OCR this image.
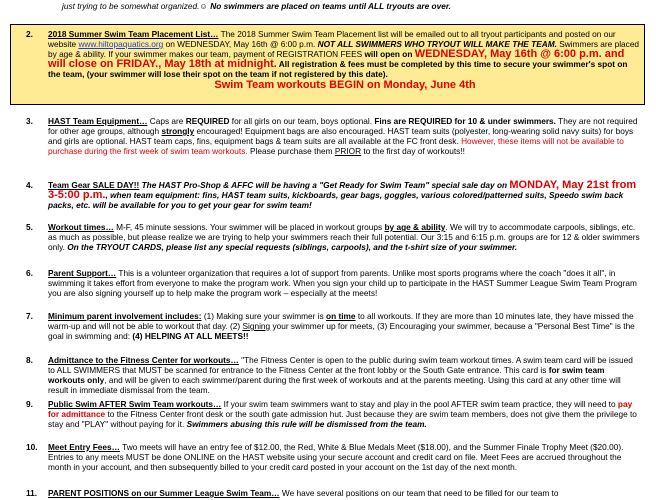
just trying to be somewhat organized.☺ No swimmers are placed on teams until ALL tryouts are over.
2. 2018 Summer Swim Team Placement List… The 2018 Summer Swim Team Placement list will be emailed out to all tryout participants and posted on our website www.hiltopaquatics.org on WEDNESDAY, May 16th @ 6:00 p.m. NOT ALL SWIMMERS WHO TRYOUT WILL MAKE THE TEAM. Swimmers are placed by age & ability. If your swimmer makes our team, payment of REGISTRATION FEES will open on WEDNESDAY, May 16th @ 6:00 p.m. and will close on FRIDAY., May 18th at midnight. All registration & fees must be completed by this time to secure your swimmer's spot on the team, (your swimmer will lose their spot on the team if not registered by this date).
Swim Team workouts BEGIN on Monday, June 4th
3. HAST Team Equipment… Caps are REQUIRED for all girls on our team, boys optional. Fins are REQUIRED for 10 & under swimmers. They are not required for other age groups, although strongly encouraged! Equipment bags are also encouraged. HAST team suits (polyester, long-wearing solid navy suits) for boys and girls are optional. HAST team caps, fins, equipment bags & team suits are all available at the FC front desk. However, these items will not be available to purchase during the first week of swim team workouts. Please purchase them PRIOR to the first day of workouts!!
4. Team Gear SALE DAY!! The HAST Pro-Shop & AFFC will be having a "Get Ready for Swim Team" special sale day on MONDAY, May 21st from 3-5:00 p.m., when team equipment: fins, HAST team suits, kickboards, gear bags, goggles, various colored/patterned suits, Speedo swim back packs, etc. will be available for you to get your gear for swim team!
5. Workout times… M-F, 45 minute sessions. Your swimmer will be placed in workout groups by age & ability. We will try to accommodate carpools, siblings, etc. as much as possible, but please realize we are trying to help your swimmers reach their full potential. Our 3:15 and 6:15 p.m. groups are for 12 & older swimmers only. On the TRYOUT CARDS, please list any special requests (siblings, carpools), and the t-shirt size of your swimmer.
6. Parent Support… This is a volunteer organization that requires a lot of support from parents. Unlike most sports programs where the coach "does it all", in swimming it takes effort from everyone to make the program work. When you sign your child up to participate in the HAST Summer League Swim Team Program you are also signing yourself up to help make the program work – especially at the meets!
7. Minimum parent involvement includes: (1) Making sure your swimmer is on time to all workouts. If they are more than 10 minutes late, they have missed the warm-up and will not be able to workout that day. (2) Signing your swimmer up for meets, (3) Encouraging your swimmer, because a "Personal Best Time" is the goal in swimming and: (4) HELPING AT ALL MEETS!!
8. Admittance to the Fitness Center for workouts… "The Fitness Center is open to the public during swim team workout times. A swim team card will be issued to ALL SWIMMERS that MUST be scanned for entrance to the Fitness Center at the front lobby or the South Gate entrance. This card is for swim team workouts only, and will be given to each swimmer/parent during the first week of workouts and at the parents meeting. Using this card at any other time will result in immediate dismissal from the team.
9. Public Swim AFTER Swim Team workouts… If your swim team swimmers want to stay and play in the pool AFTER swim team practice, they will need to pay for admittance to the Fitness Center front desk or the south gate admission hut. Just because they are swim team members, does not give them the privilege to stay and "PLAY" without paying for it. Swimmers abusing this rule will be dismissed from the team.
10. Meet Entry Fees… Two meets will have an entry fee of $12.00, the Red, White & Blue Medals Meet ($18.00), and the Summer Finale Trophy Meet ($20.00). Entries to any meets MUST be done ONLINE on the HAST website using your secure account and credit card on file. Meet Fees are accrued throughout the month in your account, and then subsequently billed to your credit card posted in your account on the 1st day of the next month.
11. PARENT POSITIONS on our Summer League Swim Team… We have several positions on our team that need to be filled for our team to
